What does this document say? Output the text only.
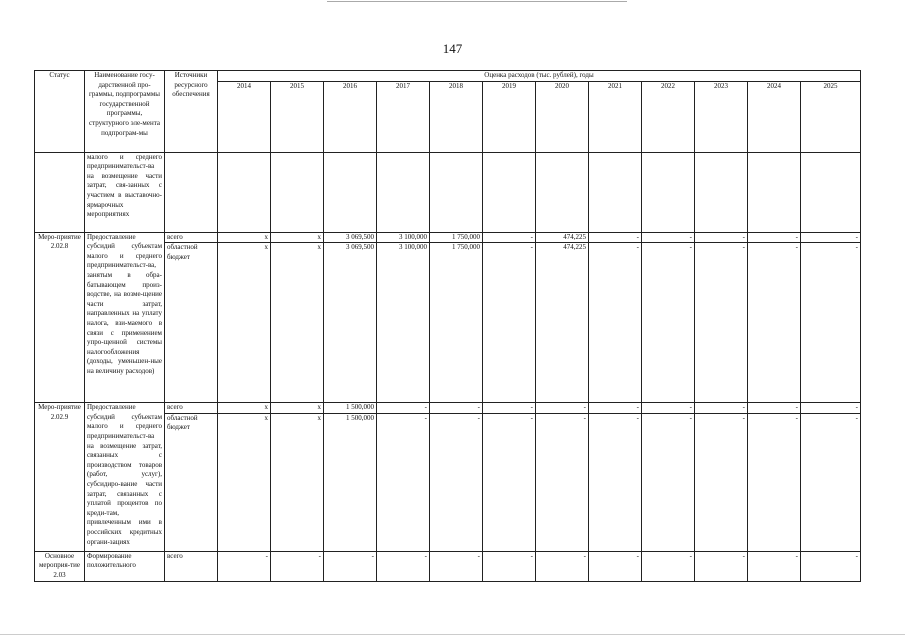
147
Статус	Наименование госу-дарственной про-граммы, подпрограммы государственной программы, структурного эле-мента подпрограм-мы	Источники ресурсного обеспечения	Оценка расходов (тыс. рублей), годы											
			2014	2015	2016	2017	2018	2019	2020	2021	2022	2023	2024	2025
	малого и среднего предпринимательст-ва на возмещение части затрат, свя-занных с участием в выставочно-ярмарочных мероприятиях													
Меро-приятие 2.02.8	Предоставление субсидий субъектам малого и среднего предпринимательст-ва, занятым в обра-батывающем произ-водстве, на возме-щение части затрат, направленных на уплату налога, взи-маемого в связи с применением упро-щенной системы налогообложения (доходы, уменьшен-ные на величину расходов)	всего	x	x	3 069,500	3 100,000	1 750,000	-	474,225	-	-	-	-	-
		областной бюджет	x	x	3 069,500	3 100,000	1 750,000	-	474,225	-	-	-	-	-
Меро-приятие 2.02.9	Предоставление субсидий субъектам малого и среднего предпринимательст-ва на возмещение затрат, связанных с производством товаров (работ, услуг), субсидиро-вание части затрат, связанных с уплатой процентов по креди-там, привлеченным ими в российских кредитных органи-зациях	всего	x	x	1 500,000	-	-	-	-	-	-	-	-	-
		областной бюджет	x	x	1 500,000	-	-	-	-	-	-	-	-	-
Основное мероприя-тие 2.03	Формирование положительного	всего	-	-	-	-	-	-	-	-	-	-	-	-
